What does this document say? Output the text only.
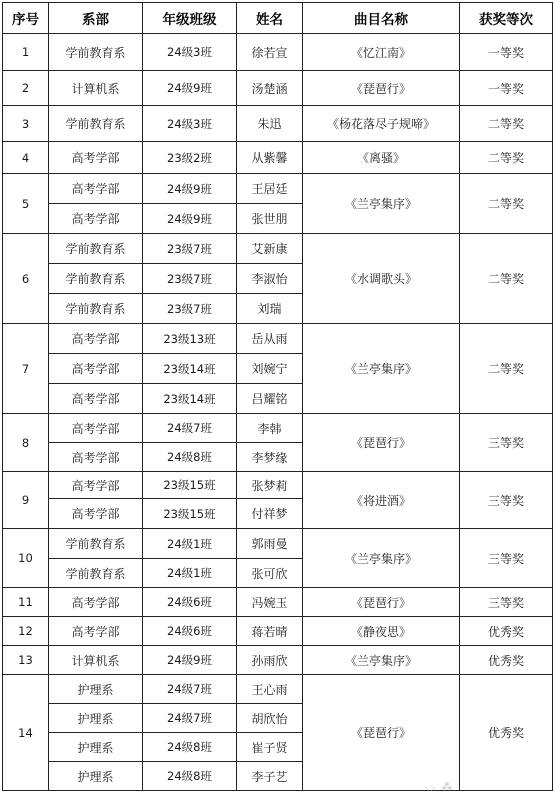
序号	系部	年级班级	姓名	曲目名称	获奖等次
1	学前教育系	24级3班	徐若宣	《忆江南》	一等奖
2	计算机系	24级9班	汤楚涵	《琵琶行》	一等奖
3	学前教育系	24级3班	朱迅	《杨花落尽子规啼》	二等奖
4	高考学部	23级2班	从紫馨	《离骚》	二等奖
5	高考学部	24级9班	王居廷	《兰亭集序》	二等奖
	高考学部	24级9班	张世朋		
6	学前教育系	23级7班	艾新康	《水调歌头》	二等奖
	学前教育系	23级7班	李淑怡		
	学前教育系	23级7班	刘瑞		
7	高考学部	23级13班	岳从雨	《兰亭集序》	二等奖
	高考学部	23级14班	刘婉宁		
	高考学部	23级14班	吕耀铭		
8	高考学部	24级7班	李韩	《琵琶行》	三等奖
	高考学部	24级8班	李梦缘		
9	高考学部	23级15班	张梦莉	《将进酒》	三等奖
	高考学部	23级15班	付祥梦		
10	学前教育系	24级1班	郭雨曼	《兰亭集序》	三等奖
	学前教育系	24级1班	张可欣		
11	高考学部	24级6班	冯婉玉	《琵琶行》	三等奖
12	高考学部	24级6班	蒋若晴	《静夜思》	优秀奖
13	计算机系	24级9班	孙雨欣	《兰亭集序》	优秀奖
14	护理系	24级7班	王心雨	《琵琶行》	优秀奖
	护理系	24级7班	胡欣怡		
	护理系	24级8班	崔子贤		
	护理系	24级8班	李子艺		
⸜⸝ ⁂
